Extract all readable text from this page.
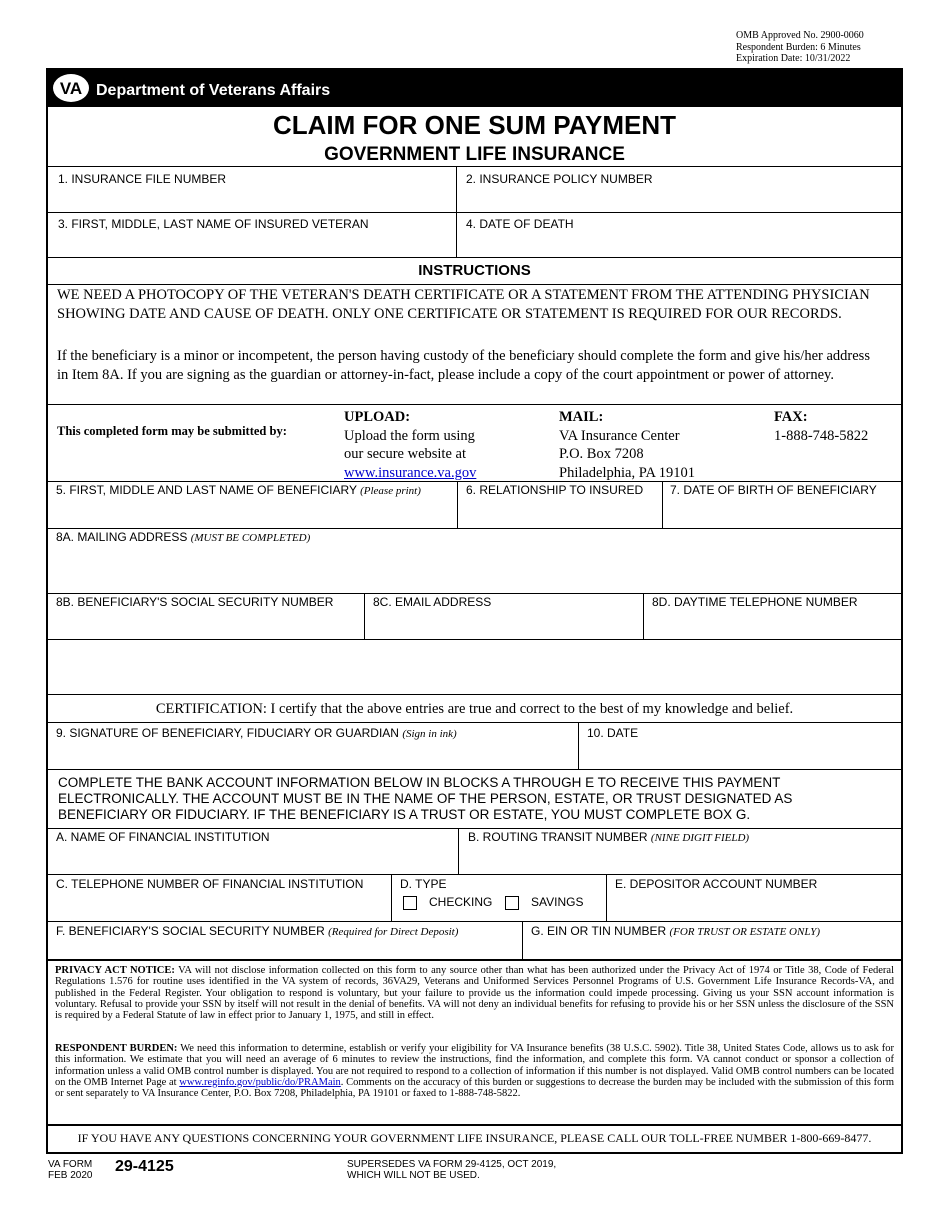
OMB Approved No. 2900-0060
Respondent Burden: 6 Minutes
Expiration Date: 10/31/2022
VA Department of Veterans Affairs
CLAIM FOR ONE SUM PAYMENT
GOVERNMENT LIFE INSURANCE
1. INSURANCE FILE NUMBER	2. INSURANCE POLICY NUMBER
3. FIRST, MIDDLE, LAST NAME OF INSURED VETERAN	4. DATE OF DEATH
INSTRUCTIONS
WE NEED A PHOTOCOPY OF THE VETERAN'S DEATH CERTIFICATE OR A STATEMENT FROM THE ATTENDING PHYSICIAN SHOWING DATE AND CAUSE OF DEATH. ONLY ONE CERTIFICATE OR STATEMENT IS REQUIRED FOR OUR RECORDS.
If the beneficiary is a minor or incompetent, the person having custody of the beneficiary should complete the form and give his/her address in Item 8A. If you are signing as the guardian or attorney-in-fact, please include a copy of the court appointment or power of attorney.
This completed form may be submitted by:
UPLOAD:
Upload the form using
our secure website at
www.insurance.va.gov
MAIL:
VA Insurance Center
P.O. Box 7208
Philadelphia, PA 19101
FAX:
1-888-748-5822
5. FIRST, MIDDLE AND LAST NAME OF BENEFICIARY (Please print)	6. RELATIONSHIP TO INSURED 7. DATE OF BIRTH OF BENEFICIARY
8A. MAILING ADDRESS (MUST BE COMPLETED)
8B. BENEFICIARY'S SOCIAL SECURITY NUMBER	8C. EMAIL ADDRESS	8D. DAYTIME TELEPHONE NUMBER
CERTIFICATION: I certify that the above entries are true and correct to the best of my knowledge and belief.
9. SIGNATURE OF BENEFICIARY, FIDUCIARY OR GUARDIAN (Sign in ink)	10. DATE
COMPLETE THE BANK ACCOUNT INFORMATION BELOW IN BLOCKS A THROUGH E TO RECEIVE THIS PAYMENT ELECTRONICALLY. THE ACCOUNT MUST BE IN THE NAME OF THE PERSON, ESTATE, OR TRUST DESIGNATED AS BENEFICIARY OR FIDUCIARY. IF THE BENEFICIARY IS A TRUST OR ESTATE, YOU MUST COMPLETE BOX G.
A. NAME OF FINANCIAL INSTITUTION	B. ROUTING TRANSIT NUMBER (NINE DIGIT FIELD)
C. TELEPHONE NUMBER OF FINANCIAL INSTITUTION	D. TYPE
CHECKING	SAVINGS
E. DEPOSITOR ACCOUNT NUMBER
F. BENEFICIARY'S SOCIAL SECURITY NUMBER (Required for Direct Deposit)	G. EIN OR TIN NUMBER (FOR TRUST OR ESTATE ONLY)
PRIVACY ACT NOTICE: VA will not disclose information collected on this form to any source other than what has been authorized under the Privacy Act of 1974 or Title 38, Code of Federal Regulations 1.576 for routine uses identified in the VA system of records, 36VA29, Veterans and Uniformed Services Personnel Programs of U.S. Government Life Insurance Records-VA, and published in the Federal Register. Your obligation to respond is voluntary, but your failure to provide us the information could impede processing. Giving us your SSN account information is voluntary. Refusal to provide your SSN by itself will not result in the denial of benefits. VA will not deny an individual benefits for refusing to provide his or her SSN unless the disclosure of the SSN is required by a Federal Statute of law in effect prior to January 1, 1975, and still in effect.
RESPONDENT BURDEN: We need this information to determine, establish or verify your eligibility for VA Insurance benefits (38 U.S.C. 5902). Title 38, United States Code, allows us to ask for this information. We estimate that you will need an average of 6 minutes to review the instructions, find the information, and complete this form. VA cannot conduct or sponsor a collection of information unless a valid OMB control number is displayed. You are not required to respond to a collection of information if this number is not displayed. Valid OMB control numbers can be located on the OMB Internet Page at www.reginfo.gov/public/do/PRAMain. Comments on the accuracy of this burden or suggestions to decrease the burden may be included with the submission of this form or sent separately to VA Insurance Center, P.O. Box 7208, Philadelphia, PA 19101 or faxed to 1-888-748-5822.
IF YOU HAVE ANY QUESTIONS CONCERNING YOUR GOVERNMENT LIFE INSURANCE, PLEASE CALL OUR TOLL-FREE NUMBER 1-800-669-8477.
VA FORM
FEB 2020
29-4125	SUPERSEDES VA FORM 29-4125, OCT 2019,
WHICH WILL NOT BE USED.
